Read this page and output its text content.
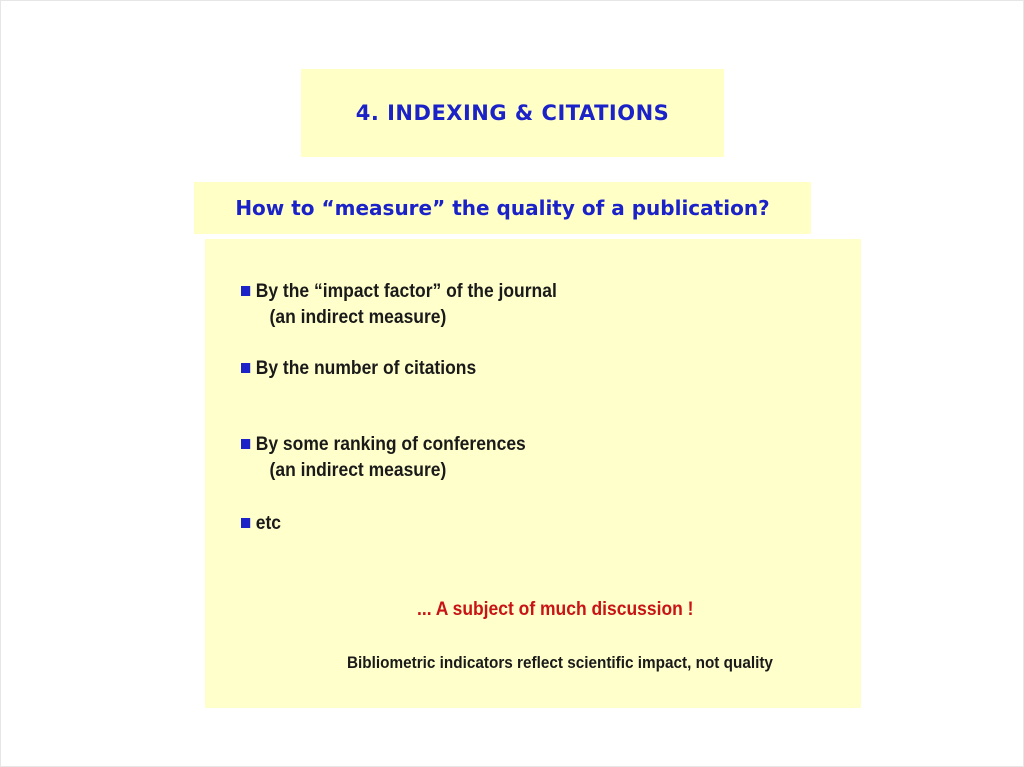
4. INDEXING & CITATIONS
How to “measure” the quality of a publication?
By the “impact factor” of the journal
(an indirect measure)
By the number of citations
By some ranking of conferences
(an indirect measure)
etc
... A subject of much discussion !
Bibliometric indicators reflect scientific impact, not quality
